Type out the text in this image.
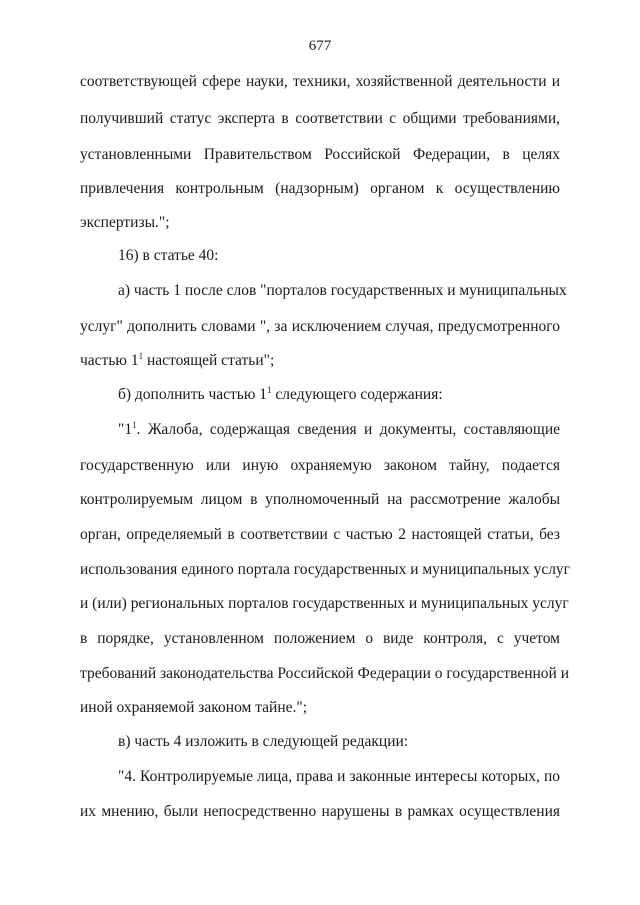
677
соответствующей сфере науки, техники, хозяйственной деятельности и
получивший статус эксперта в соответствии с общими требованиями,
установленными Правительством Российской Федерации, в целях
привлечения контрольным (надзорным) органом к осуществлению
экспертизы.";
16) в статье 40:
а) часть 1 после слов "порталов государственных и муниципальных
услуг" дополнить словами ", за исключением случая, предусмотренного
частью $1^1$ настоящей статьи";
б) дополнить частью $1^1$ следующего содержания:
"$1^1$. Жалоба, содержащая сведения и документы, составляющие
государственную или иную охраняемую законом тайну, подается
контролируемым лицом в уполномоченный на рассмотрение жалобы
орган, определяемый в соответствии с частью 2 настоящей статьи, без
использования единого портала государственных и муниципальных услуг
и (или) региональных порталов государственных и муниципальных услуг
в порядке, установленном положением о виде контроля, с учетом
требований законодательства Российской Федерации о государственной и
иной охраняемой законом тайне.";
в) часть 4 изложить в следующей редакции:
"4. Контролируемые лица, права и законные интересы которых, по
их мнению, были непосредственно нарушены в рамках осуществления
